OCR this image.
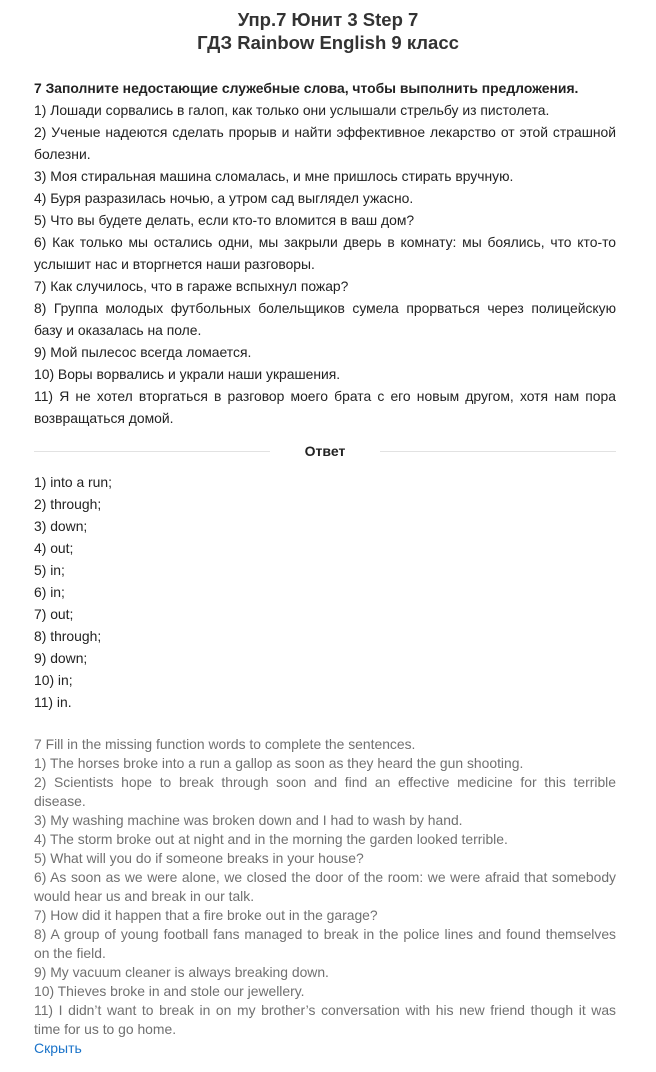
Упр.7 Юнит 3 Step 7
ГДЗ Rainbow English 9 класс

7 Заполните недостающие служебные слова, чтобы выполнить предложения.

1) Лошади сорвались в галоп, как только они услышали стрельбу из пистолета.

2) Ученые надеются сделать прорыв и найти эффективное лекарство от этой страшной болезни.

3) Моя стиральная машина сломалась, и мне пришлось стирать вручную.

4) Буря разразилась ночью, а утром сад выглядел ужасно.

5) Что вы будете делать, если кто-то вломится в ваш дом?

6) Как только мы остались одни, мы закрыли дверь в комнату: мы боялись, что кто-то услышит нас и вторгнется наши разговоры.

7) Как случилось, что в гараже вспыхнул пожар?

8) Группа молодых футбольных болельщиков сумела прорваться через полицейскую базу и оказалась на поле.

9) Мой пылесос всегда ломается.

10) Воры ворвались и украли наши украшения.

11) Я не хотел вторгаться в разговор моего брата с его новым другом, хотя нам пора возвращаться домой.

Ответ
1) into a run;
2) through;
3) down;
4) out;
5) in;
6) in;
7) out;
8) through;
9) down;
10) in;
11) in.

7 Fill in the missing function words to complete the sentences.

1) The horses broke into a run a gallop as soon as they heard the gun shooting.

2) Scientists hope to break through soon and find an effective medicine for this terrible disease.

3) My washing machine was broken down and I had to wash by hand.

4) The storm broke out at night and in the morning the garden looked terrible.

5) What will you do if someone breaks in your house?

6) As soon as we were alone, we closed the door of the room: we were afraid that somebody would hear us and break in our talk.

7) How did it happen that a fire broke out in the garage?

8) A group of young football fans managed to break in the police lines and found themselves on the field.

9) My vacuum cleaner is always breaking down.

10) Thieves broke in and stole our jewellery.

11) I didn’t want to break in on my brother’s conversation with his new friend though it was time for us to go home.

Скрыть
